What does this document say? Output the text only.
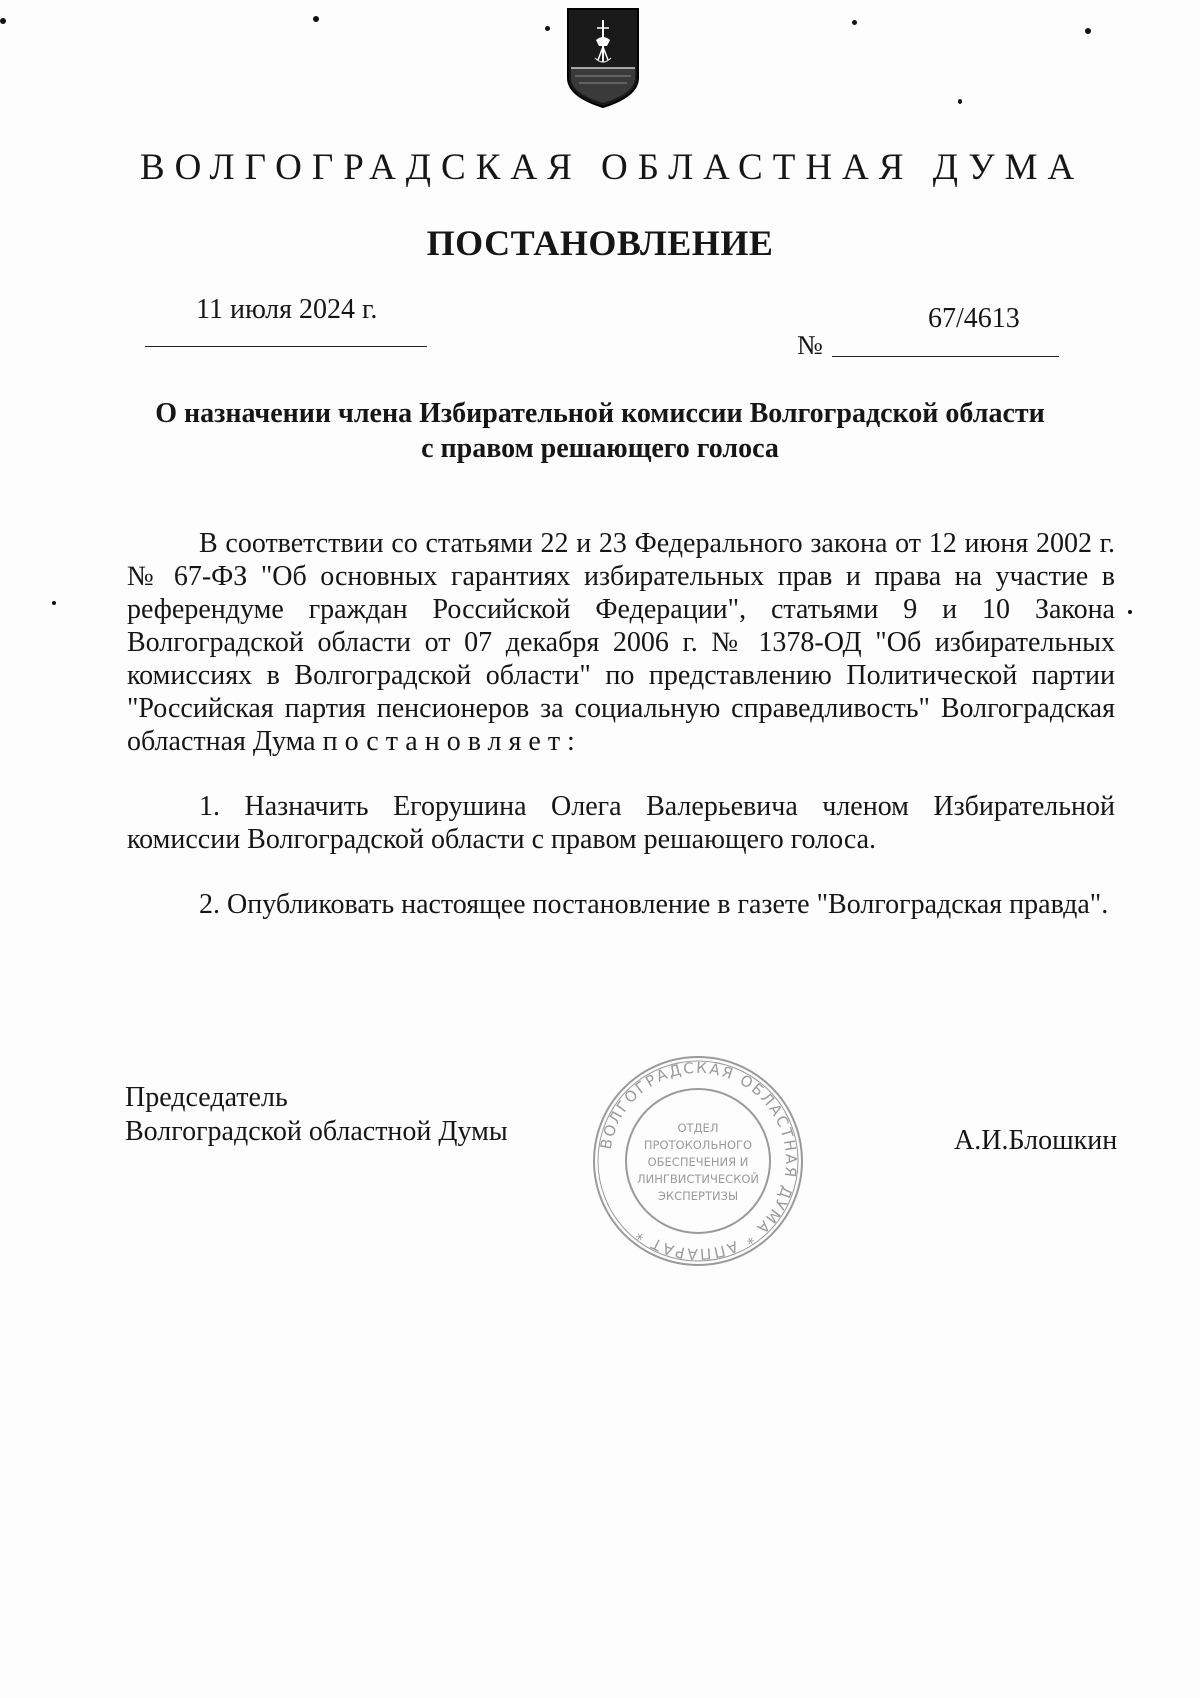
ВОЛГОГРАДСКАЯ ОБЛАСТНАЯ ДУМА
ПОСТАНОВЛЕНИЕ
11 июля 2024 г.	67/4613
№
О назначении члена Избирательной комиссии Волгоградской области
с правом решающего голоса
В соответствии со статьями 22 и 23 Федерального закона от 12 июня 2002 г. № 67-ФЗ "Об основных гарантиях избирательных прав и права на участие в референдуме граждан Российской Федерации", статьями 9 и 10 Закона Волгоградской области от 07 декабря 2006 г. № 1378-ОД "Об избирательных комиссиях в Волгоградской области" по представлению Политической партии "Российская партия пенсионеров за социальную справедливость" Волгоградская областная Дума постановляет:
1. Назначить Егорушина Олега Валерьевича членом Избирательной комиссии Волгоградской области с правом решающего голоса.
2. Опубликовать настоящее постановление в газете "Волгоградская правда".
Председатель
Волгоградской областной Думы	ВОЛГОГРАДСКАЯ ОБЛАСТНАЯ ДУМА * АППАРАТ *
ОТДЕЛ
ПРОТОКОЛЬНОГО
ОБЕСПЕЧЕНИЯ И
ЛИНГВИСТИЧЕСКОЙ
ЭКСПЕРТИЗЫ
А.И.Блошкин
